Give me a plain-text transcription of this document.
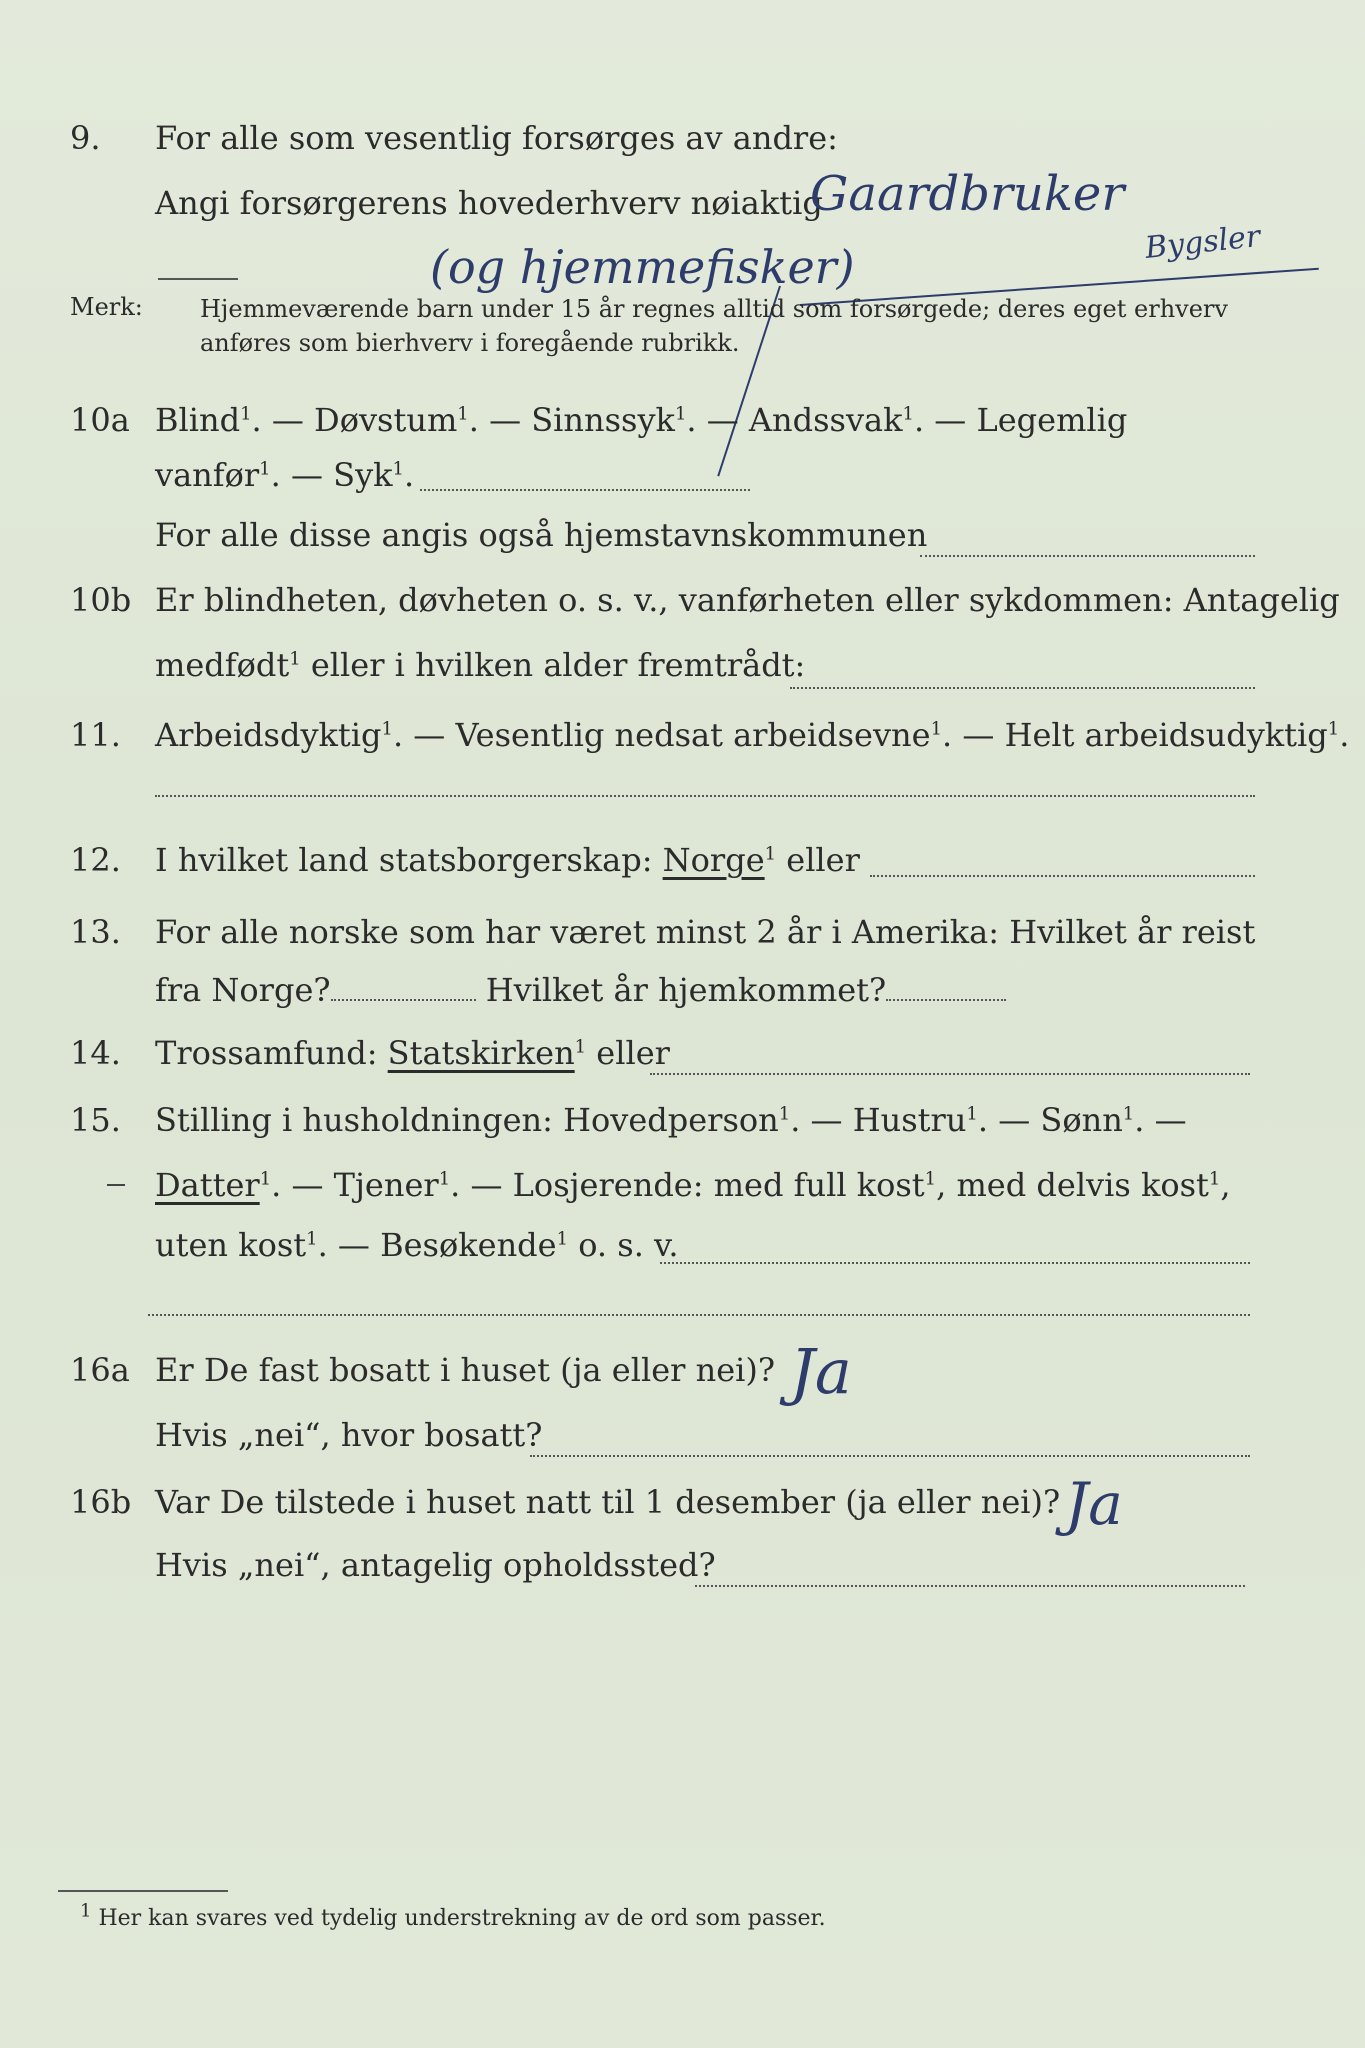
9.	For alle som vesentlig forsørges av andre:
Angi forsørgerens hovederhverv nøiaktig
Gaardbruker
(og hjemmefisker)	Bygsler
Merk: Hjemmeværende barn under 15 år regnes alltid som forsørgede; deres eget erhverv
anføres som bierhverv i foregående rubrikk.
10a Blind$^1$. — Døvstum$^1$. — Sinnssyk$^1$. — Andssvak$^1$. — Legemlig
vanfør$^1$. — Syk$^1$.
For alle disse angis også hjemstavnskommunen
10b Er blindheten, døvheten o. s. v., vanførheten eller sykdommen: Antagelig
medfødt$^1$ eller i hvilken alder fremtrådt:
11.	Arbeidsdyktig$^1$. — Vesentlig nedsat arbeidsevne$^1$. — Helt arbeidsudyktig$^1$.
12.	I hvilket land statsborgerskap: Norge$^1$ eller
13.	For alle norske som har været minst 2 år i Amerika: Hvilket år reist
fra Norge?	Hvilket år hjemkommet?
14.	Trossamfund: Statskirken$^1$ eller
15.	Stilling i husholdningen: Hovedperson$^1$. — Hustru$^1$. — Sønn$^1$. —
Datter$^1$. — Tjener$^1$. — Losjerende: med full kost$^1$, med delvis kost$^1$,
uten kost$^1$. — Besøkende$^1$ o. s. v.
16a Er De fast bosatt i huset (ja eller nei)? Ja
Hvis „nei“, hvor bosatt?
16b Var De tilstede i huset natt til 1 desember (ja eller nei)? Ja
Hvis „nei“, antagelig opholdssted?
$^1$ Her kan svares ved tydelig understrekning av de ord som passer.
